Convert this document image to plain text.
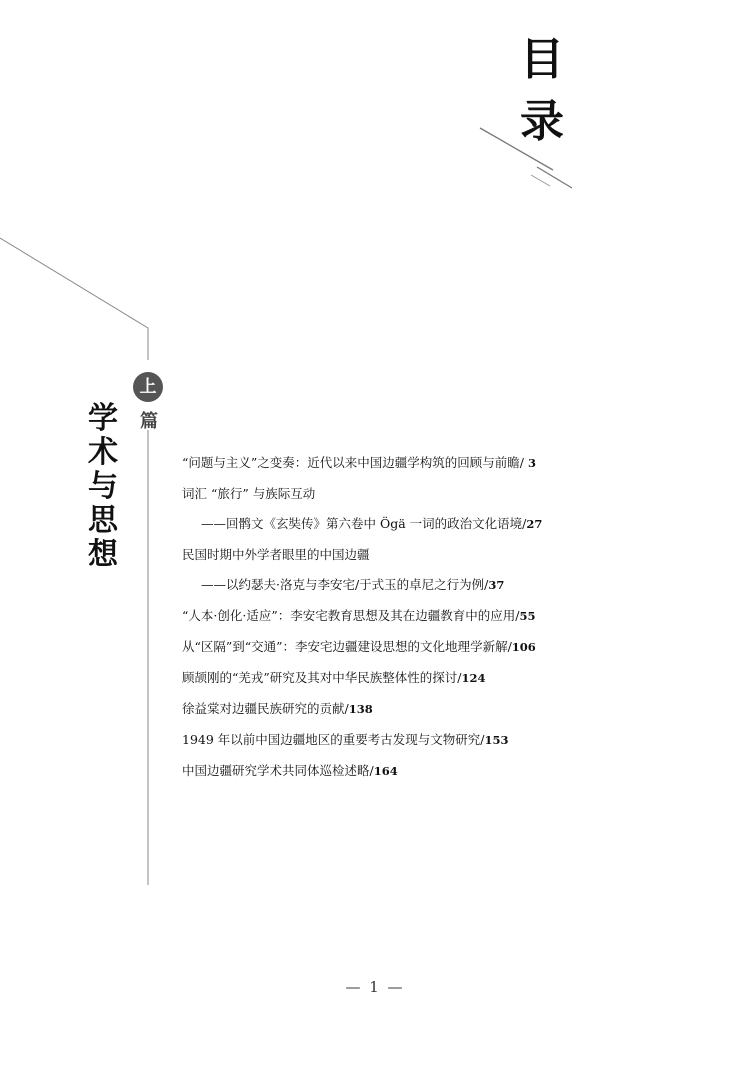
目
录
上
篇
学
术
与
思
想
“问题与主义”之变奏：近代以来中国边疆学构筑的回顾与前瞻/ 3
词汇 “旅行” 与族际互动
——回鹘文《玄奘传》第六卷中 Ögä 一词的政治文化语境/27
民国时期中外学者眼里的中国边疆
——以约瑟夫·洛克与李安宅/于式玉的卓尼之行为例/37
“人本·创化·适应”：李安宅教育思想及其在边疆教育中的应用/55
从“区隔”到“交通”：李安宅边疆建设思想的文化地理学新解/106
顾颉刚的“羌戎”研究及其对中华民族整体性的探讨/124
徐益棠对边疆民族研究的贡献/138
1949 年以前中国边疆地区的重要考古发现与文物研究/153
中国边疆研究学术共同体巡检述略/164
— 1 —
